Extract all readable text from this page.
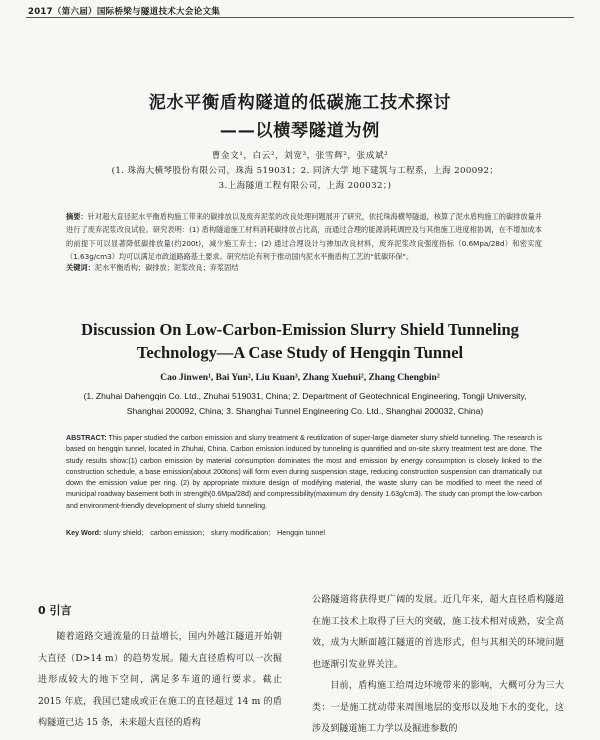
2017（第六届）国际桥梁与隧道技术大会论文集
泥水平衡盾构隧道的低碳施工技术探讨
——以横琴隧道为例
曹金文¹，白云²，刘宽³，张雪辉²，张成斌²
(1. 珠海大横琴股份有限公司，珠海 519031；2. 同济大学 地下建筑与工程系，上海 200092；
3.上海隧道工程有限公司，上海 200032；)
摘要：针对超大直径泥水平衡盾构施工带来的碳排放以及废弃泥浆的改良处理问题展开了研究，依托珠海横琴隧道，核算了泥水盾构施工的碳排放量并进行了废弃泥浆改良试验。研究表明：(1) 盾构隧道施工材料消耗碳排放占比高，而通过合理的能源消耗调控及与其他施工进度相协调，在不增加成本的前提下可以显著降低碳排放量(约200t)，减少施工弃土；(2) 通过合理设计与掺加改良材料，废弃泥浆改良强度指标（0.6Mpa/28d）和密实度（1.63g/cm3）均可以满足市政道路路基土要求。研究结论有利于推动国内泥水平衡盾构工艺的"低碳环保"。
关键词：泥水平衡盾构；碳排放；泥浆改良；弃浆固结
Discussion On Low-Carbon-Emission Slurry Shield Tunneling
Technology—A Case Study of Hengqin Tunnel
Cao Jinwen¹, Bai Yun², Liu Kuan³, Zhang Xuehui², Zhang Chengbin²
(1. Zhuhai Dahengqin Co. Ltd., Zhuhai 519031, China; 2. Department of Geotechnical Engineering, Tongji University, Shanghai 200092, China; 3. Shanghai Tunnel Engineering Co. Ltd., Shanghai 200032, China)
ABSTRACT: This paper studied the carbon emission and slurry treatment & reutilization of super-large diameter slurry shield tunneling. The research is based on hengqin tunnel, located in Zhuhai, China. Carbon emission induced by tunneling is quantified and on-site slurry treatment test are done. The study results show:(1) carbon emission by material consumption dominates the most and emission by energy consumption is closely linked to the construction schedule, a base emission(about 200tons) will form even during suspension stage, reducing construction suspension can dramatically cut down the emission value per ring. (2) by appropriate mixture design of modifying material, the waste slurry can be modified to meet the need of municipal roadway basement both in strength(0.6Mpa/28d) and compressibility(maximum dry density 1.63g/cm3). The study can prompt the low-carbon and environment-friendly development of slurry shield tunneling.
Key Word: slurry shield； carbon emission； slurry modification； Hengqin tunnel
0 引言

随着道路交通流量的日益增长，国内外越江隧道开始朝大直径（D>14 m）的趋势发展。随大直径盾构可以一次掘进形成较大的地下空间，满足多车道的通行要求。截止 2015 年底，我国已建成或正在施工的直径超过 14 m 的盾构隧道已达 15 条，未来超大直径的盾构

公路隧道将获得更广阔的发展。近几年来，超大直径盾构隧道在施工技术上取得了巨大的突破，施工技术相对成熟，安全高效，成为大断面越江隧道的首选形式，但与其相关的环境问题也逐渐引发业界关注。

目前，盾构施工给周边环境带来的影响，大概可分为三大类：一是施工扰动带来周围地层的变形以及地下水的变化，这涉及到隧道施工力学以及掘进参数的
